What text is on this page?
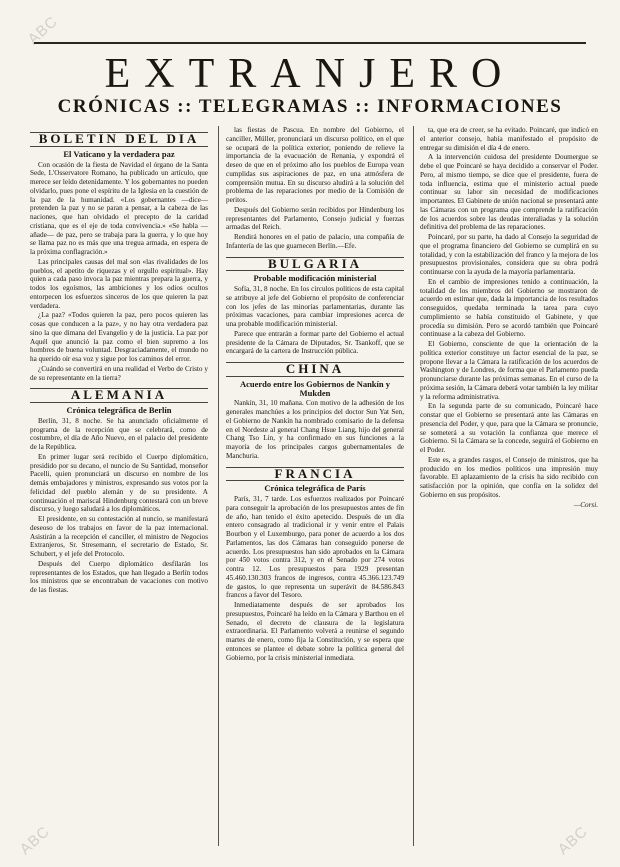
ABC
ABC	ABC
EXTRANJERO
CRÓNICAS :: TELEGRAMAS :: INFORMACIONES
BOLETIN DEL DIA
El Vaticano y la verdadera paz

Con ocasión de la fiesta de Navidad el órgano de la Santa Sede, L'Osservatore Romano, ha publicado un artículo, que merece ser leído detenidamente. Y los gobernantes no pueden olvidarlo, pues pone el espíritu de la Iglesia en la cuestión de la paz de la humanidad. «Los gobernantes —dice— pretenden la paz y no se paran a pensar, a la cabeza de las naciones, que han olvidado el precepto de la caridad cristiana, que es el eje de toda convivencia.» «Se habla —añade— de paz, pero se trabaja para la guerra, y lo que hoy se llama paz no es más que una tregua armada, en espera de la próxima conflagración.»

Las principales causas del mal son «las rivalidades de los pueblos, el apetito de riquezas y el orgullo espiritual». Hay quien a cada paso invoca la paz mientras prepara la guerra, y todos los egoísmos, las ambiciones y los odios ocultos entorpecen los esfuerzos sinceros de los que quieren la paz verdadera.

¿La paz? «Todos quieren la paz, pero pocos quieren las cosas que conducen a la paz», y no hay otra verdadera paz sino la que dimana del Evangelio y de la justicia. La paz por Aquél que anunció la paz como el bien supremo a los hombres de buena voluntad. Desgraciadamente, el mundo no ha querido oír esa voz y sigue por los caminos del error.

¿Cuándo se convertirá en una realidad el Verbo de Cristo y de su representante en la tierra?

ALEMANIA
Crónica telegráfica de Berlín

Berlín, 31, 8 noche. Se ha anunciado oficialmente el programa de la recepción que se celebrará, como de costumbre, el día de Año Nuevo, en el palacio del presidente de la República.

En primer lugar será recibido el Cuerpo diplomático, presidido por su decano, el nuncio de Su Santidad, monseñor Pacelli, quien pronunciará un discurso en nombre de los demás embajadores y ministros, expresando sus votos por la felicidad del pueblo alemán y de su presidente. A continuación el mariscal Hindenburg contestará con un breve discurso, y luego saludará a los diplomáticos.

El presidente, en su contestación al nuncio, se manifestará deseoso de los trabajos en favor de la paz internacional. Asistirán a la recepción el canciller, el ministro de Negocios Extranjeros, Sr. Stresemann, el secretario de Estado, Sr. Schubert, y el jefe del Protocolo.

Después del Cuerpo diplomático desfilarán los representantes de los Estados, que han llegado a Berlín todos los ministros que se encontraban de vacaciones con motivo de las fiestas.

las fiestas de Pascua. En nombre del Gobierno, el canciller, Müller, pronunciará un discurso político, en el que se ocupará de la política exterior, poniendo de relieve la importancia de la evacuación de Renania, y expondrá el deseo de que en el próximo año los pueblos de Europa vean cumplidas sus aspiraciones de paz, en una atmósfera de comprensión mutua. En su discurso aludirá a la solución del problema de las reparaciones por medio de la Comisión de peritos.

Después del Gobierno serán recibidos por Hindenburg los representantes del Parlamento, Consejo judicial y fuerzas armadas del Reich.

Rendirá honores en el patio de palacio, una compañía de Infantería de las que guarnecen Berlín.—Efe.

BULGARIA
Probable modificación ministerial

Sofía, 31, 8 noche. En los círculos políticos de esta capital se atribuye al jefe del Gobierno el propósito de conferenciar con los jefes de las minorías parlamentarias, durante las próximas vacaciones, para cambiar impresiones acerca de una probable modificación ministerial.

Parece que entrarán a formar parte del Gobierno el actual presidente de la Cámara de Diputados, Sr. Tsankoff, que se encargará de la cartera de Instrucción pública.

CHINA
Acuerdo entre los Gobiernos de Nankín y Mukden

Nankín, 31, 10 mañana. Con motivo de la adhesión de los generales manchúes a los principios del doctor Sun Yat Sen, el Gobierno de Nankín ha nombrado comisario de la defensa en el Nordeste al general Chang Hsue Liang, hijo del general Chang Tso Lin, y ha confirmado en sus funciones a la mayoría de los principales cargos gubernamentales de Manchuria.

FRANCIA
Crónica telegráfica de París

París, 31, 7 tarde. Los esfuerzos realizados por Poincaré para conseguir la aprobación de los presupuestos antes de fin de año, han tenido el éxito apetecido. Después de un día entero consagrado al tradicional ir y venir entre el Palais Bourbon y el Luxemburgo, para poner de acuerdo a los dos Parlamentos, las dos Cámaras han conseguido ponerse de acuerdo. Los presupuestos han sido aprobados en la Cámara por 450 votos contra 312, y en el Senado por 274 votos contra 12. Los presupuestos para 1929 presentan 45.460.130.303 francos de ingresos, contra 45.366.123.749 de gastos, lo que representa un superávit de 84.586.843 francos a favor del Tesoro.

Inmediatamente después de ser aprobados los presupuestos, Poincaré ha leído en la Cámara y Barthou en el Senado, el decreto de clausura de la legislatura extraordinaria. El Parlamento volverá a reunirse el segundo martes de enero, como fija la Constitución, y se espera que entonces se plantee el debate sobre la política general del Gobierno, por la crisis ministerial inmediata.

ta, que era de creer, se ha evitado. Poincaré, que indicó en el anterior consejo, había manifestado el propósito de entregar su dimisión el día 4 de enero.

A la intervención cuidosa del presidente Doumergue se debe el que Poincaré se haya decidido a conservar el Poder. Pero, al mismo tiempo, se dice que el presidente, fuera de toda influencia, estima que el ministerio actual puede continuar su labor sin necesidad de modificaciones importantes. El Gabinete de unión nacional se presentará ante las Cámaras con un programa que comprende la ratificación de los acuerdos sobre las deudas interaliadas y la solución definitiva del problema de las reparaciones.

Poincaré, por su parte, ha dado al Consejo la seguridad de que el programa financiero del Gobierno se cumplirá en su totalidad, y con la estabilización del franco y la mejora de los presupuestos provisionales, considera que su obra podrá continuarse con la ayuda de la mayoría parlamentaria.

En el cambio de impresiones tenido a continuación, la totalidad de los miembros del Gobierno se mostraron de acuerdo en estimar que, dada la importancia de los resultados conseguidos, quedaba terminada la tarea para cuyo cumplimiento se había constituido el Gabinete, y que procedía su dimisión. Pero se acordó también que Poincaré continuase a la cabeza del Gobierno.

El Gobierno, consciente de que la orientación de la política exterior constituye un factor esencial de la paz, se propone llevar a la Cámara la ratificación de los acuerdos de Washington y de Londres, de forma que el Parlamento pueda pronunciarse durante las próximas semanas. En el curso de la próxima sesión, la Cámara deberá votar también la ley militar y la reforma administrativa.

En la segunda parte de su comunicado, Poincaré hace constar que el Gobierno se presentará ante las Cámaras en presencia del Poder, y que, para que la Cámara se pronuncie, se someterá a su votación la confianza que merece el Gobierno. Si la Cámara se la concede, seguirá el Gobierno en el Poder.

Este es, a grandes rasgos, el Consejo de ministros, que ha producido en los medios políticos una impresión muy favorable. El aplazamiento de la crisis ha sido recibido con satisfacción por la opinión, que confía en la solidez del Gobierno en sus propósitos.

—Corsi.
